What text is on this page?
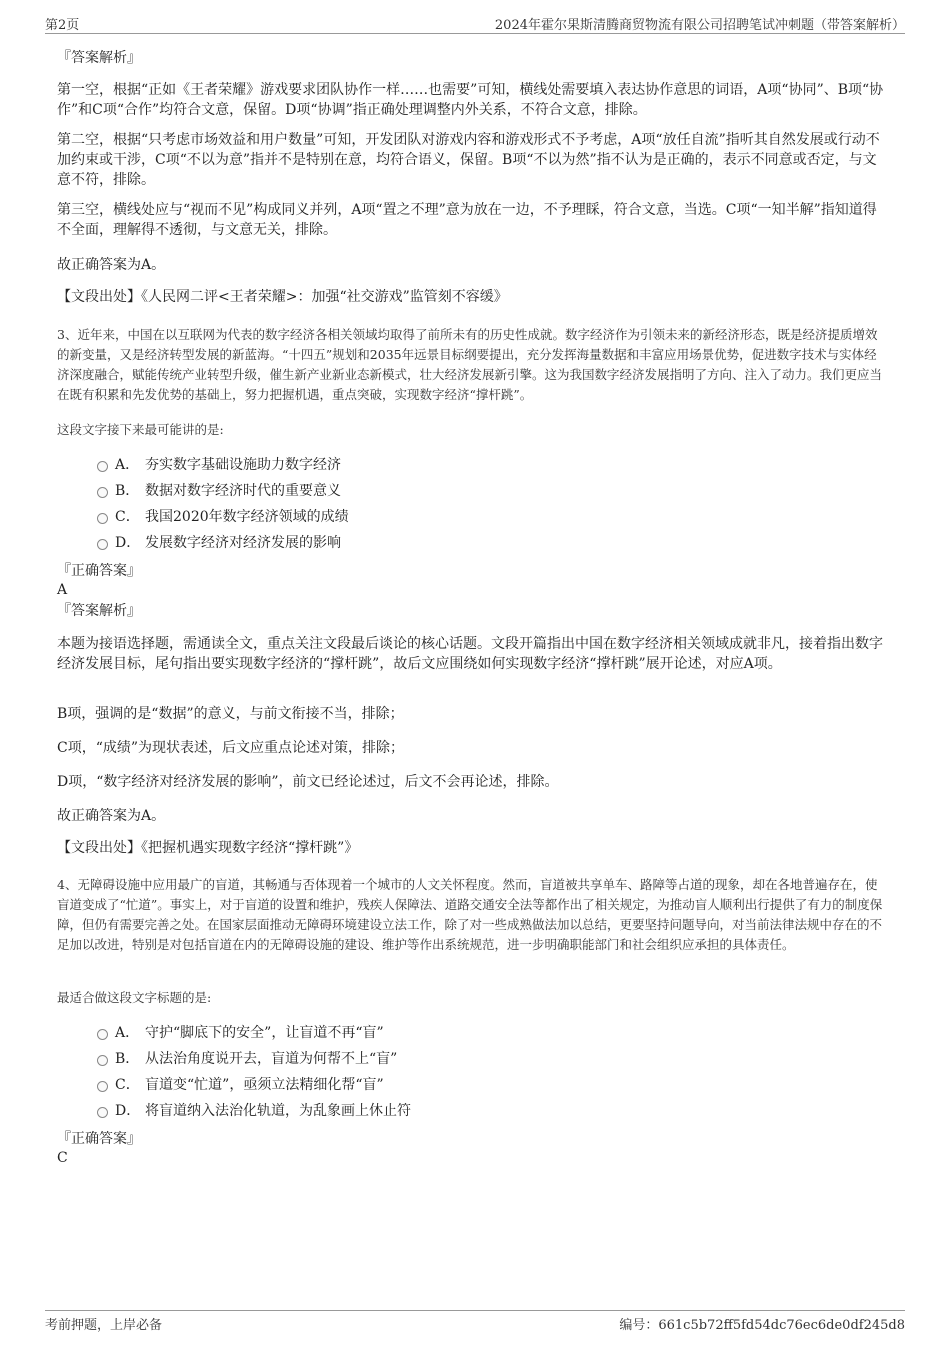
第2页	2024年霍尔果斯清腾商贸物流有限公司招聘笔试冲刺题（带答案解析）
『答案解析』
第一空，根据“正如《王者荣耀》游戏要求团队协作一样……也需要”可知，横线处需要填入表达协作意思的词语，A项“协同”、B项“协作”和C项“合作”均符合文意，保留。D项“协调”指正确处理调整内外关系，不符合文意，排除。
第二空，根据“只考虑市场效益和用户数量”可知，开发团队对游戏内容和游戏形式不予考虑，A项“放任自流”指听其自然发展或行动不加约束或干涉，C项“不以为意”指并不是特别在意，均符合语义，保留。B项“不以为然”指不认为是正确的，表示不同意或否定，与文意不符，排除。
第三空，横线处应与“视而不见”构成同义并列，A项“置之不理”意为放在一边，不予理睬，符合文意，当选。C项“一知半解”指知道得不全面，理解得不透彻，与文意无关，排除。
故正确答案为A。
【文段出处】《人民网二评<王者荣耀>：加强“社交游戏”监管刻不容缓》
3、近年来，中国在以互联网为代表的数字经济各相关领域均取得了前所未有的历史性成就。数字经济作为引领未来的新经济形态，既是经济提质增效的新变量，又是经济转型发展的新蓝海。“十四五”规划和2035年远景目标纲要提出，充分发挥海量数据和丰富应用场景优势，促进数字技术与实体经济深度融合，赋能传统产业转型升级，催生新产业新业态新模式，壮大经济发展新引擎。这为我国数字经济发展指明了方向、注入了动力。我们更应当在既有积累和先发优势的基础上，努力把握机遇，重点突破，实现数字经济“撑杆跳”。
这段文字接下来最可能讲的是:
A． 夯实数字基础设施助力数字经济
B． 数据对数字经济时代的重要意义
C． 我国2020年数字经济领域的成绩
D． 发展数字经济对经济发展的影响
『正确答案』
A
『答案解析』
本题为接语选择题，需通读全文，重点关注文段最后谈论的核心话题。文段开篇指出中国在数字经济相关领域成就非凡，接着指出数字经济发展目标，尾句指出要实现数字经济的“撑杆跳”，故后文应围绕如何实现数字经济“撑杆跳”展开论述，对应A项。
B项，强调的是“数据”的意义，与前文衔接不当，排除；
C项，“成绩”为现状表述，后文应重点论述对策，排除；
D项，“数字经济对经济发展的影响”，前文已经论述过，后文不会再论述，排除。
故正确答案为A。
【文段出处】《把握机遇实现数字经济“撑杆跳”》
4、无障碍设施中应用最广的盲道，其畅通与否体现着一个城市的人文关怀程度。然而，盲道被共享单车、路障等占道的现象，却在各地普遍存在，使盲道变成了“忙道”。事实上，对于盲道的设置和维护，残疾人保障法、道路交通安全法等都作出了相关规定，为推动盲人顺利出行提供了有力的制度保障，但仍有需要完善之处。在国家层面推动无障碍环境建设立法工作，除了对一些成熟做法加以总结，更要坚持问题导向，对当前法律法规中存在的不足加以改进，特别是对包括盲道在内的无障碍设施的建设、维护等作出系统规范，进一步明确职能部门和社会组织应承担的具体责任。
最适合做这段文字标题的是:
A． 守护“脚底下的安全”，让盲道不再“盲”
B． 从法治角度说开去，盲道为何帮不上“盲”
C． 盲道变“忙道”，亟须立法精细化帮“盲”
D． 将盲道纳入法治化轨道，为乱象画上休止符
『正确答案』
C
考前押题，上岸必备	编号：661c5b72ff5fd54dc76ec6de0df245d8
